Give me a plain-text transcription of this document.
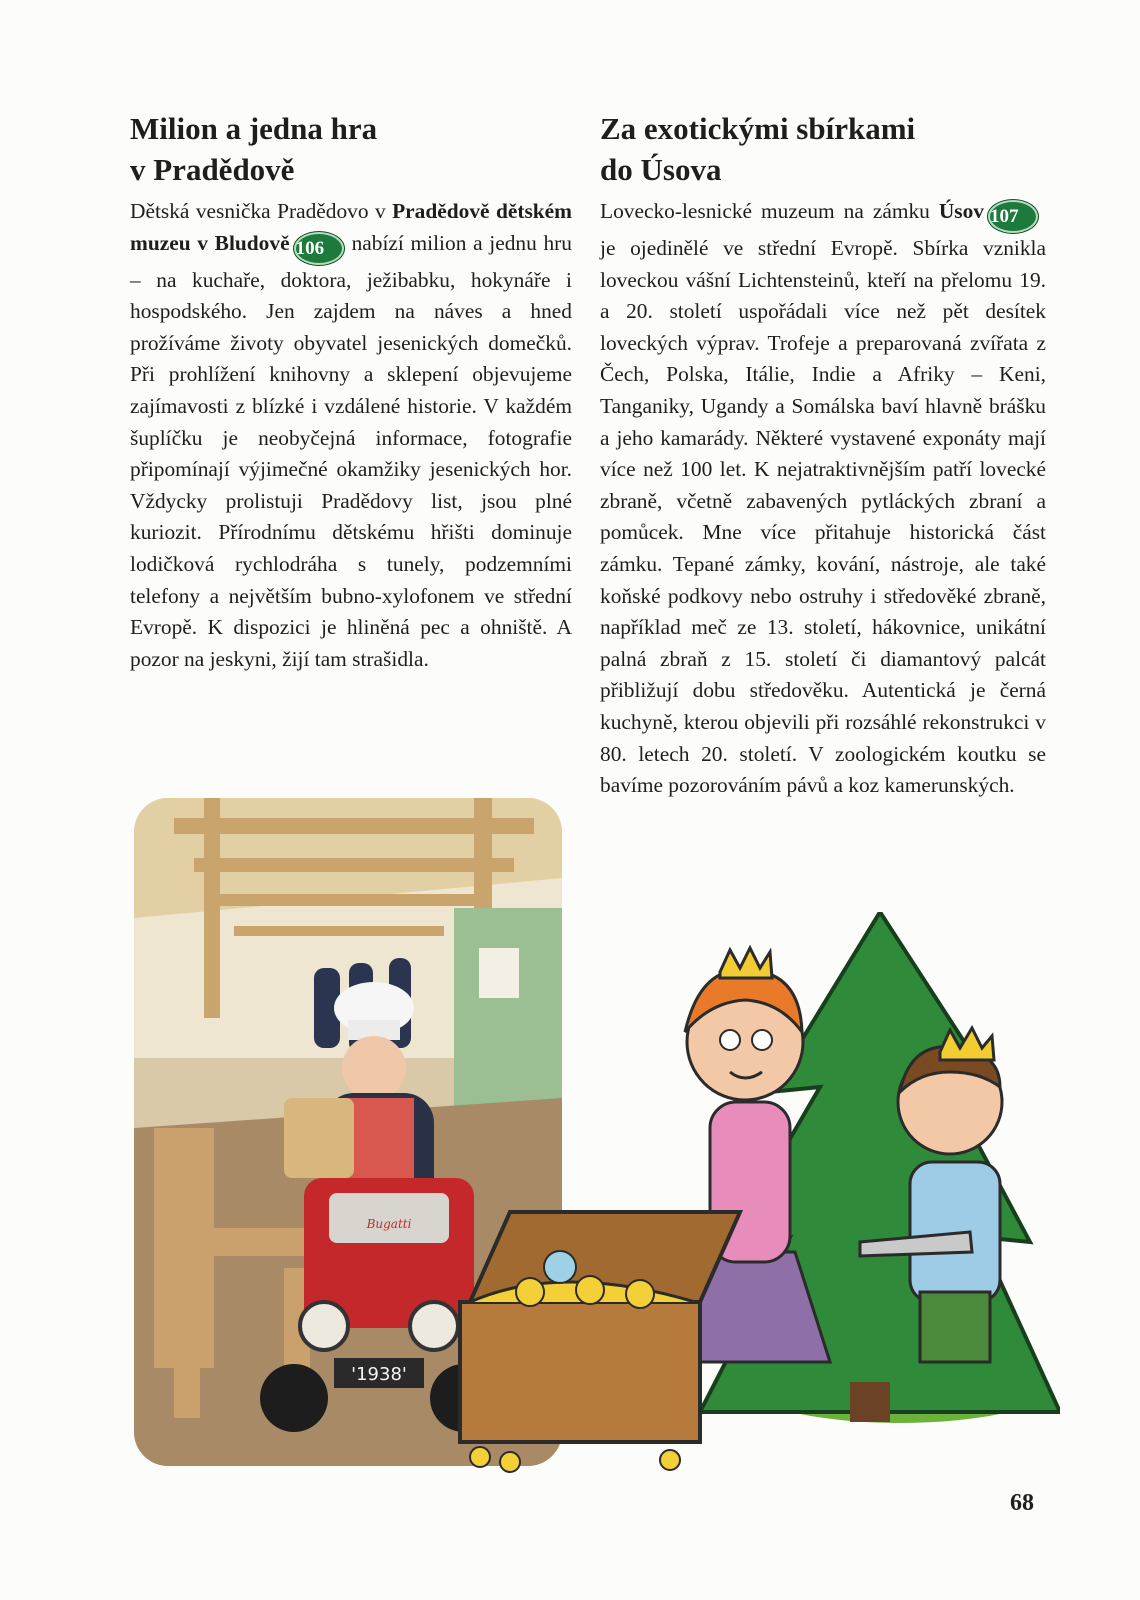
Milion a jedna hra
v Pradědově

Dětská vesnička Pradědovo v Pradědově dětském muzeu v Bludově 106 nabízí milion a jednu hru – na kuchaře, doktora, ježibabku, hokynáře i hospodského. Jen zajdem na náves a hned prožíváme životy obyvatel jesenických domečků. Při prohlížení knihovny a sklepení objevujeme zajímavosti z blízké i vzdálené historie. V každém šuplíčku je neobyčejná informace, fotografie připomínají výjimečné okamžiky jesenických hor. Vždycky prolistuji Pradědovy list, jsou plné kuriozit. Přírodnímu dětskému hřišti dominuje lodičková rychlodráha s tunely, podzemními telefony a největším bubno-xylofonem ve střední Evropě. K dispozici je hliněná pec a ohniště. A pozor na jeskyni, žijí tam strašidla.

Za exotickými sbírkami
do Úsova

Lovecko-lesnické muzeum na zámku Úsov 107je ojedinělé ve střední Evropě. Sbírka vznikla loveckou vášní Lichtensteinů, kteří na přelomu 19. a 20. století uspořádali více než pět desítek loveckých výprav. Trofeje a preparovaná zvířata z Čech, Polska, Itálie, Indie a Afriky – Keni, Tanganiky, Ugandy a Somálska baví hlavně brášku a jeho kamarády. Některé vystavené exponáty mají více než 100 let. K nejatraktivnějším patří lovecké zbraně, včetně zabavených pytláckých zbraní a pomůcek. Mne více přitahuje historická část zámku. Tepané zámky, kování, nástroje, ale také koňské podkovy nebo ostruhy i středověké zbraně, například meč ze 13. století, hákovnice, unikátní palná zbraň z 15. století či diamantový palcát přibližují dobu středověku. Autentická je černá kuchyně, kterou objevili při rozsáhlé rekonstrukci v 80. letech 20. století. V zoologickém koutku se bavíme pozorováním pávů a koz kamerunských.

'1938'
Bugatti
68
